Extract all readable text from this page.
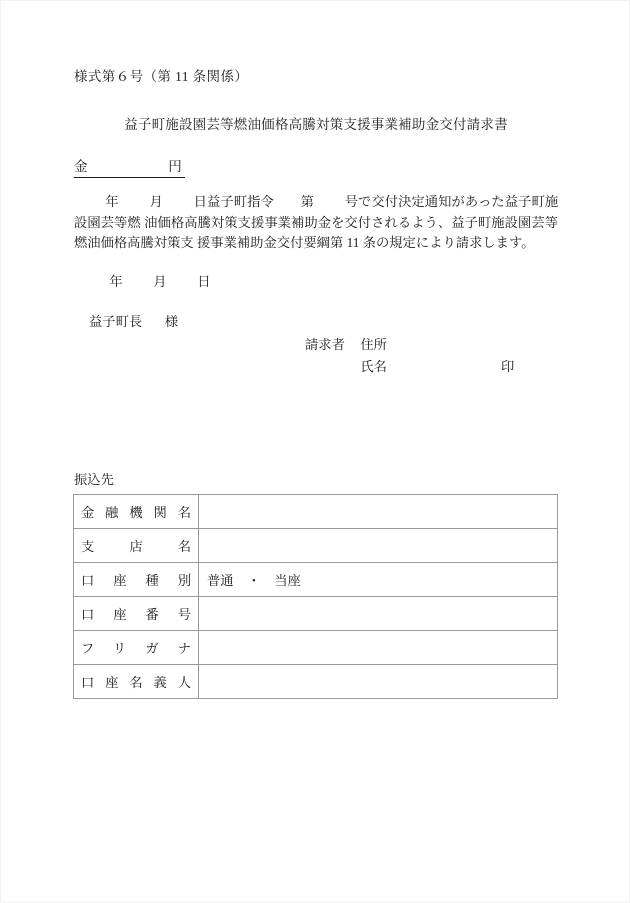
様式第６号（第 11 条関係）
益子町施設園芸等燃油価格高騰対策支援事業補助金交付請求書
金	円
年 月 日益子町指令 第 号で交付決定通知があった益子町施設園芸等燃 油価格高騰対策支援事業補助金を交付されるよう、益子町施設園芸等燃油価格高騰対策支 援事業補助金交付要綱第 11 条の規定により請求します。
年 月 日
益子町長 様
請求者 住所
氏名	印
振込先
金融機関名	
支店名	
口座種別	普通 ・ 当座
口座番号	
フリガナ	
口座名義人	
